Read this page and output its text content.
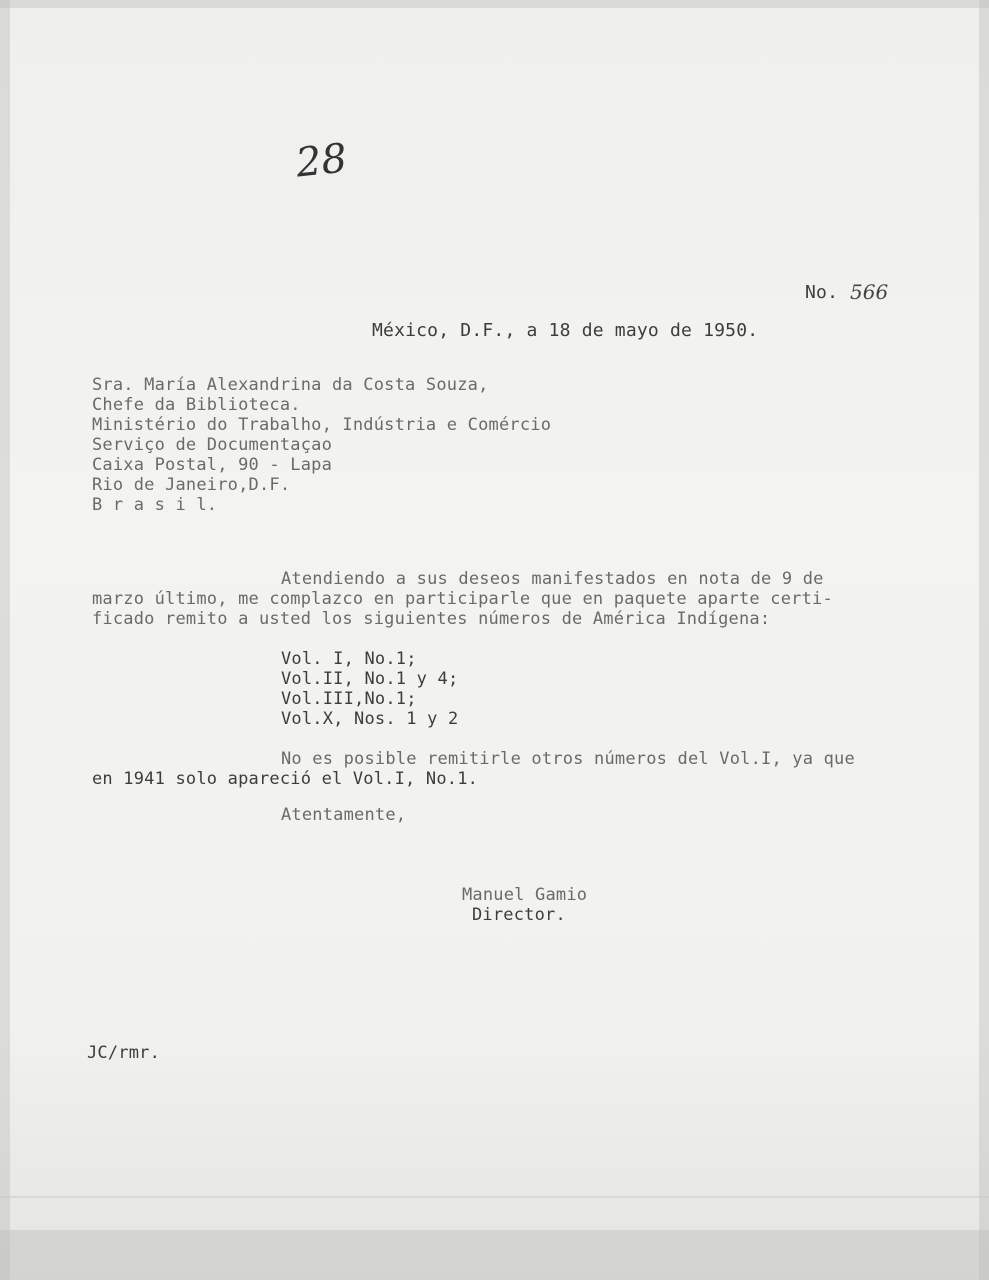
28
No. 566
México, D.F., a 18 de mayo de 1950.
Sra. María Alexandrina da Costa Souza,
Chefe da Biblioteca.
Ministério do Trabalho, Indústria e Comércio
Serviço de Documentaçao
Caixa Postal, 90 - Lapa
Rio de Janeiro,D.F.
B r a s i l.
Atendiendo a sus deseos manifestados en nota de 9 de
marzo último, me complazco en participarle que en paquete aparte certi-
ficado remito a usted los siguientes números de América Indígena:
Vol. I, No.1;
Vol.II, No.1 y 4;
Vol.III,No.1;
Vol.X, Nos. 1 y 2
No es posible remitirle otros números del Vol.I, ya que
en 1941 solo apareció el Vol.I, No.1.
Atentamente,
Manuel Gamio
Director.
JC/rmr.
